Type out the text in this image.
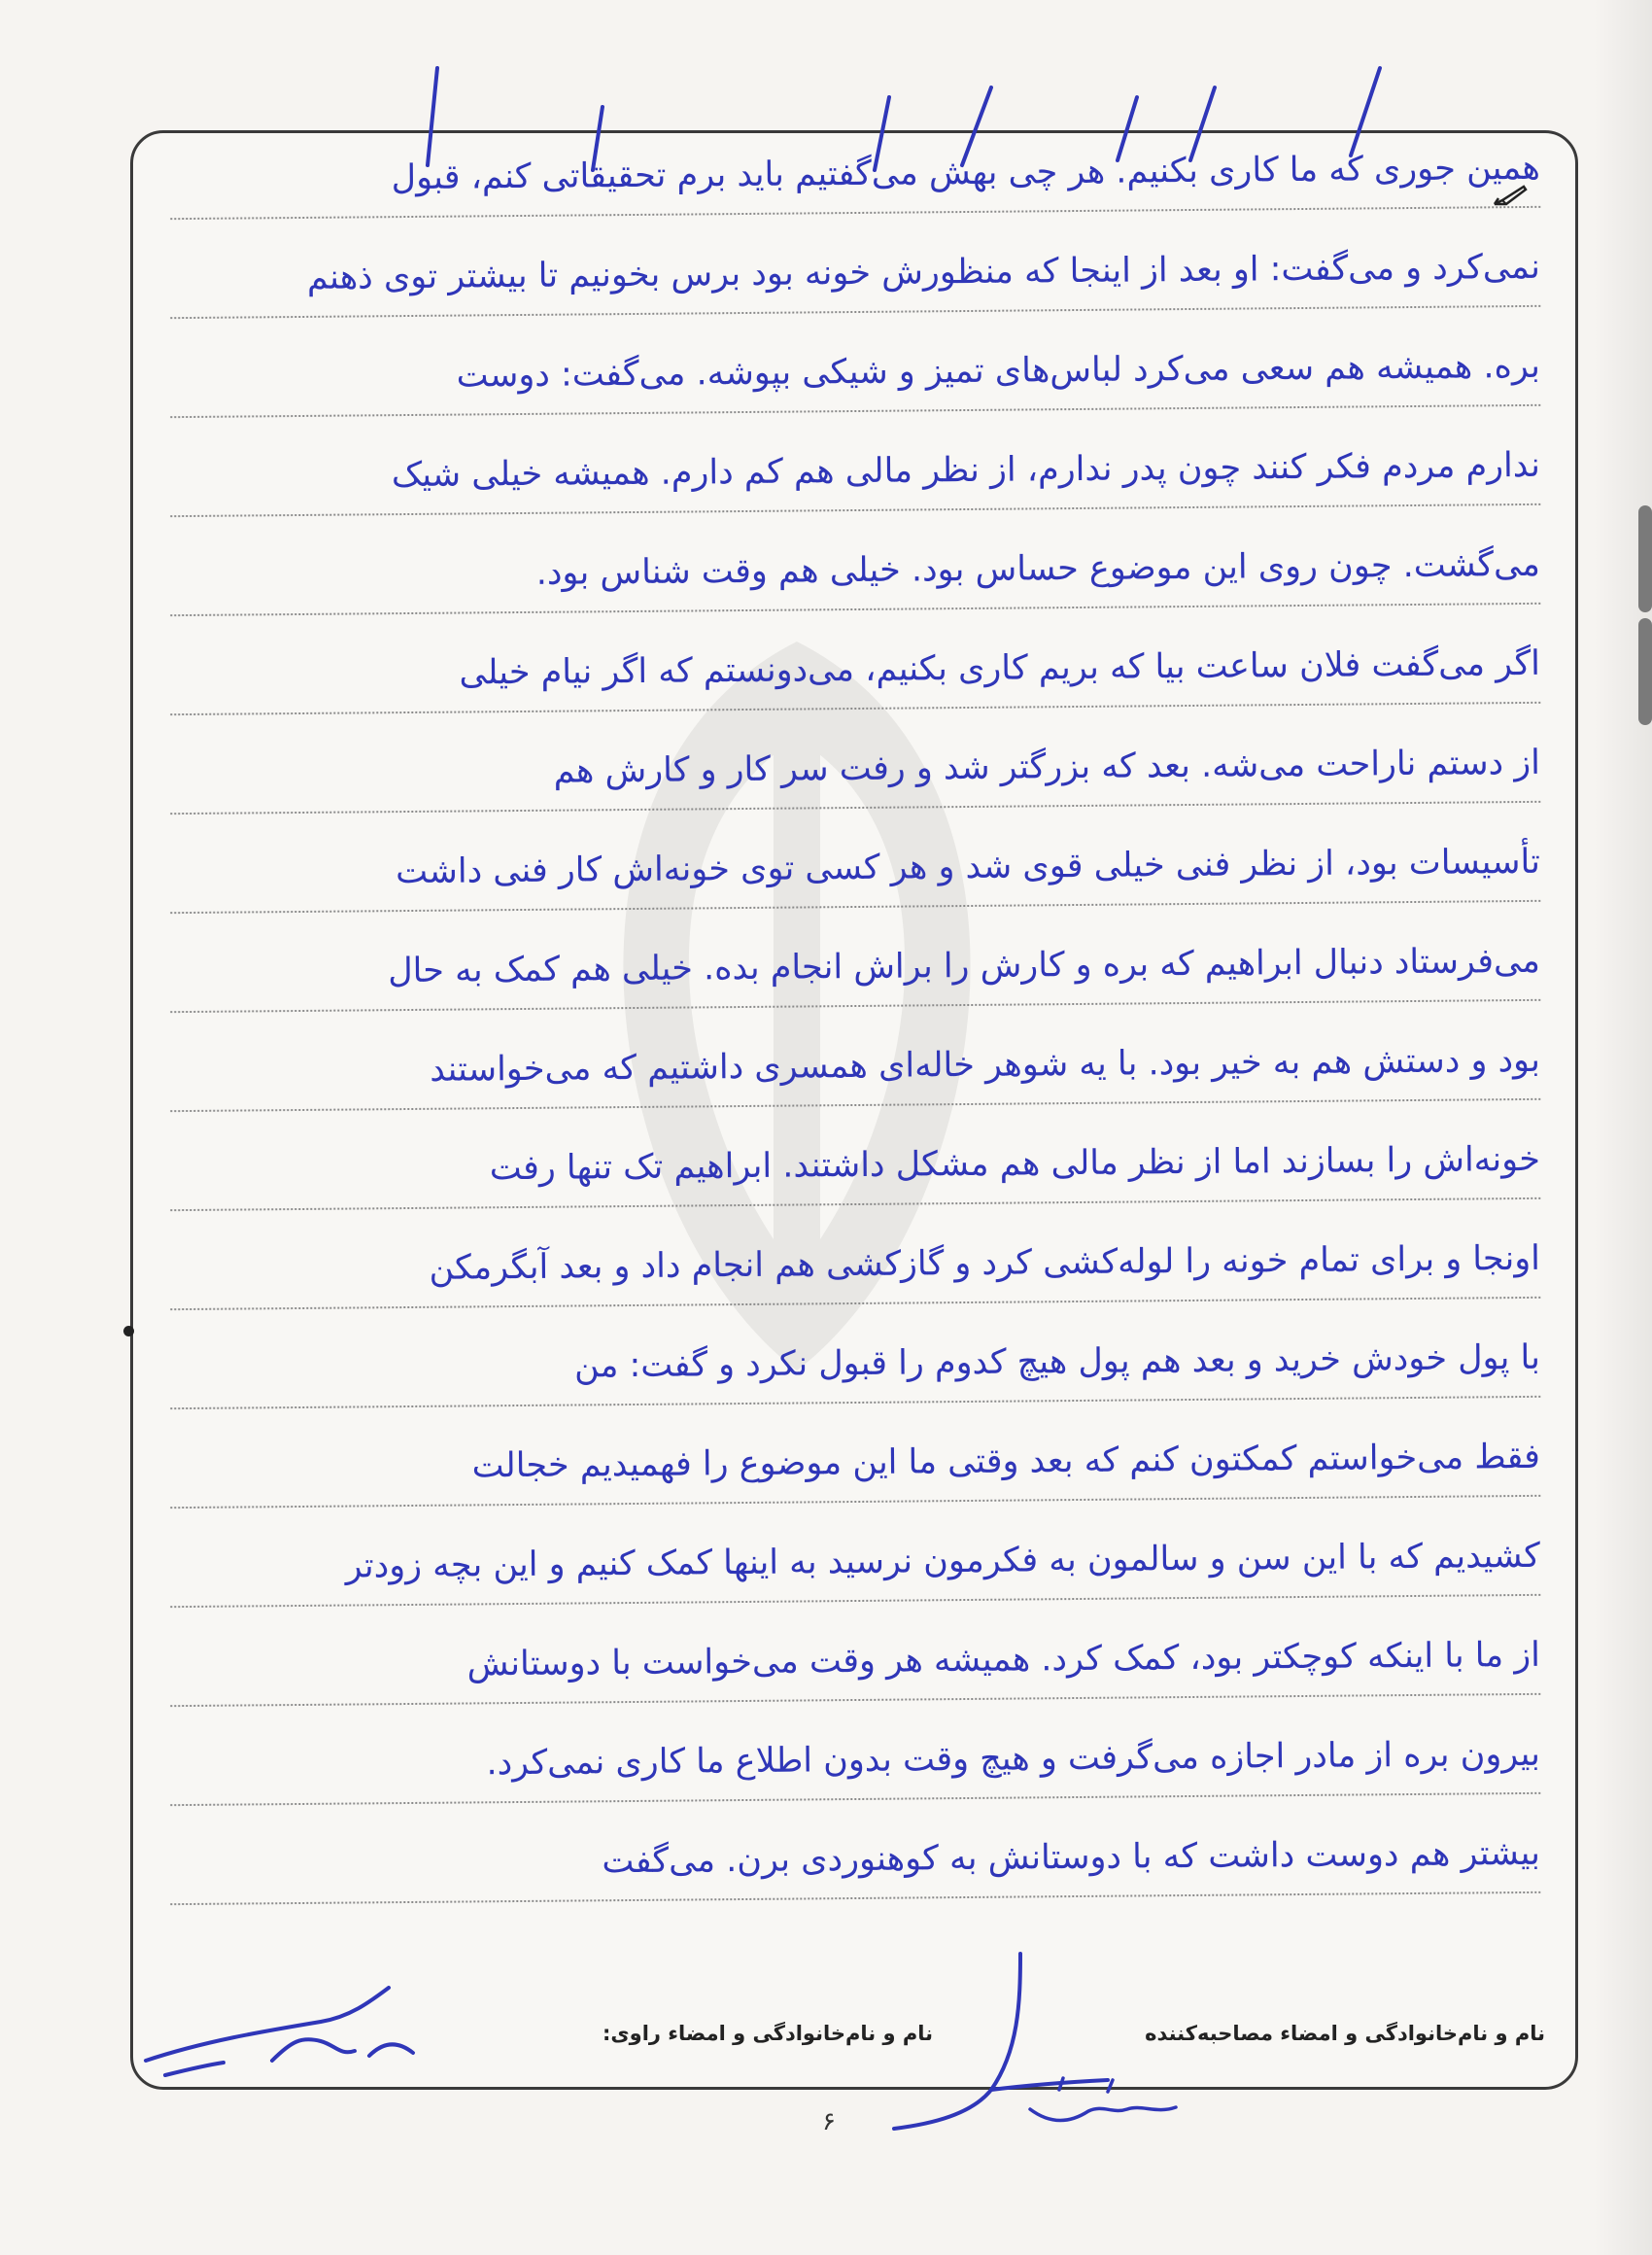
همین جوری که ما کاری بکنیم. هر چی بهش می‌گفتیم باید برم تحقیقاتی کنم، قبول
نمی‌کرد و می‌گفت: او بعد از اینجا که منظورش خونه بود برس بخونیم تا بیشتر توی ذهنم
بره. همیشه هم سعی می‌کرد لباس‌های تمیز و شیکی بپوشه. می‌گفت: دوست
ندارم مردم فکر کنند چون پدر ندارم، از نظر مالی هم کم دارم. همیشه خیلی شیک
می‌گشت. چون روی این موضوع حساس بود. خیلی هم وقت شناس بود.
اگر می‌گفت فلان ساعت بیا که بریم کاری بکنیم، می‌دونستم که اگر نیام خیلی
از دستم ناراحت می‌شه. بعد که بزرگتر شد و رفت سر کار و کارش هم
تأسیسات بود، از نظر فنی خیلی قوی شد و هر کسی توی خونه‌اش کار فنی داشت
می‌فرستاد دنبال ابراهیم که بره و کارش را براش انجام بده. خیلی هم کمک به حال
بود و دستش هم به خیر بود. با یه شوهر خاله‌ای همسری داشتیم که می‌خواستند
خونه‌اش را بسازند اما از نظر مالی هم مشکل داشتند. ابراهیم تک تنها رفت
اونجا و برای تمام خونه را لوله‌کشی کرد و گازکشی هم انجام داد و بعد آبگرمکن
با پول خودش خرید و بعد هم پول هیچ کدوم را قبول نکرد و گفت: من
فقط می‌خواستم کمکتون کنم که بعد وقتی ما این موضوع را فهمیدیم خجالت
کشیدیم که با این سن و سالمون به فکرمون نرسید به اینها کمک کنیم و این بچه زودتر
از ما با اینکه کوچکتر بود، کمک کرد. همیشه هر وقت می‌خواست با دوستانش
بیرون بره از مادر اجازه می‌گرفت و هیچ وقت بدون اطلاع ما کاری نمی‌کرد.
بیشتر هم دوست داشت که با دوستانش به کوهنوردی برن. می‌گفت
نام و نام‌خانوادگی و امضاء مصاحبه‌کننده
نام و نام‌خانوادگی و امضاء راوی:
۶
